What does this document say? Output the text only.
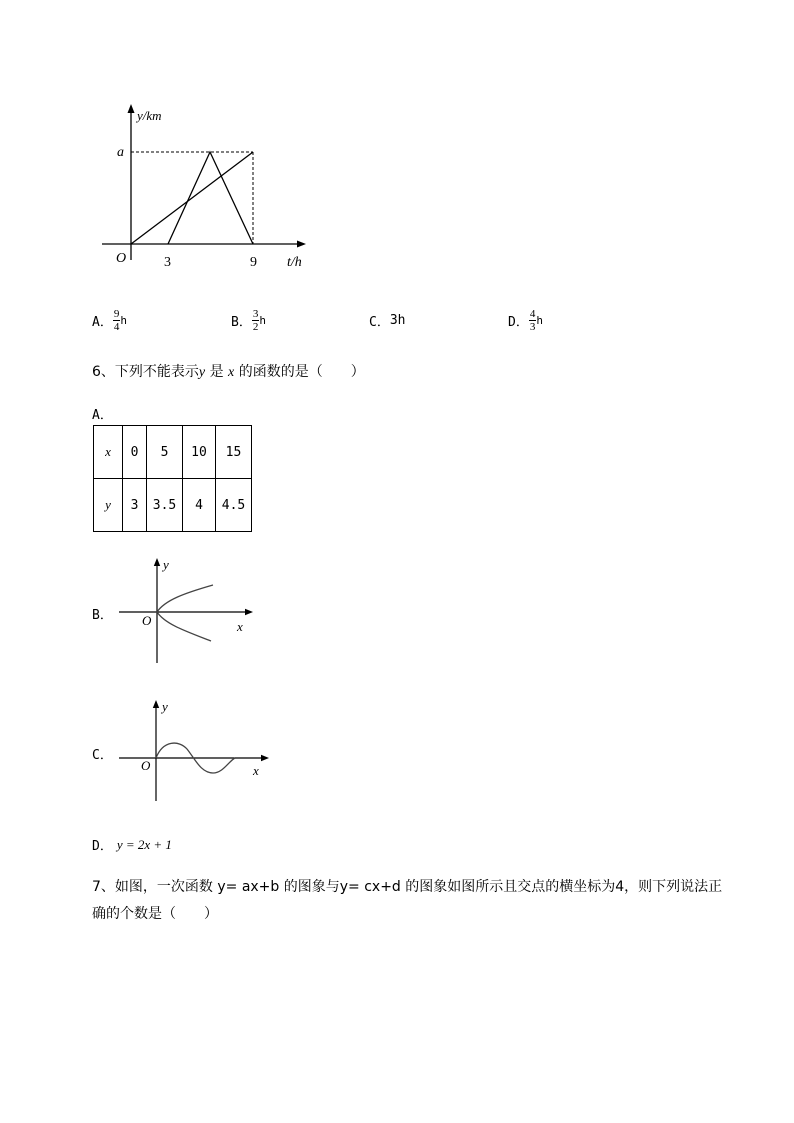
y/km
a
O	3	9 t/h
A． $\frac{9}{4}$ h	B． $\frac{3}{2}$ h	C． 3h	D． $\frac{4}{3}$ h
6、下列不能表示y 是 x 的函数的是（　　）
A．
x	0	5	10	15
y	3	3.5	4	4.5
B．
y
O	x
C．
y
O	x
D． y = 2x + 1
7、如图，一次函数 y= ax+b 的图象与y= cx+d 的图象如图所示且交点的横坐标为4，则下列说法正
确的个数是（　　）
